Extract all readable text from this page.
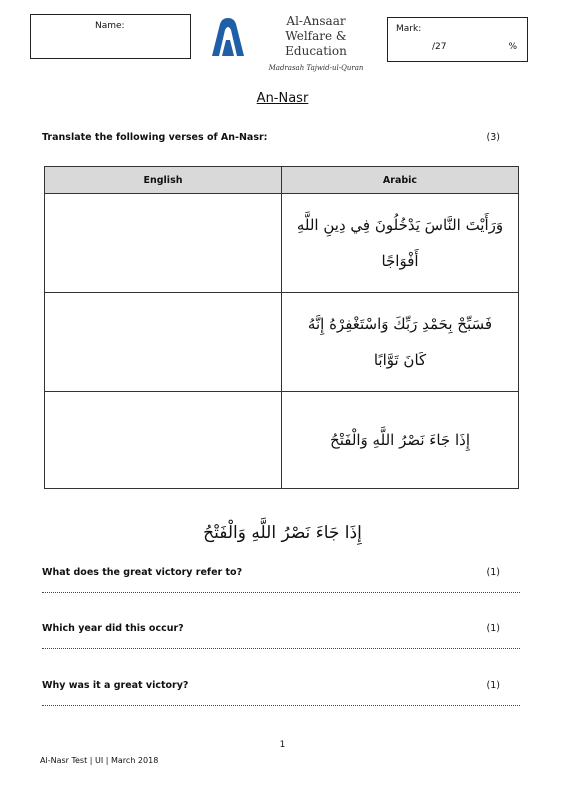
Name:	Al-Ansaar
Welfare & Education
Madrasah Tajwid-ul-Quran
Mark:
/27	%
An-Nasr
Translate the following verses of An-Nasr:	(3)
English	Arabic

	وَرَأَيْتَ النَّاسَ يَدْخُلُونَ فِي دِينِ اللَّهِ
أَفْوَاجًا

	فَسَبِّحْ بِحَمْدِ رَبِّكَ وَاسْتَغْفِرْهُ إِنَّهُ
كَانَ تَوَّابًا

	إِذَا جَاءَ نَصْرُ اللَّهِ وَالْفَتْحُ
إِذَا جَاءَ نَصْرُ اللَّهِ وَالْفَتْحُ
What does the great victory refer to?	(1)
Which year did this occur?	(1)
Why was it a great victory?	(1)
1
Al-Nasr Test | UI | March 2018
